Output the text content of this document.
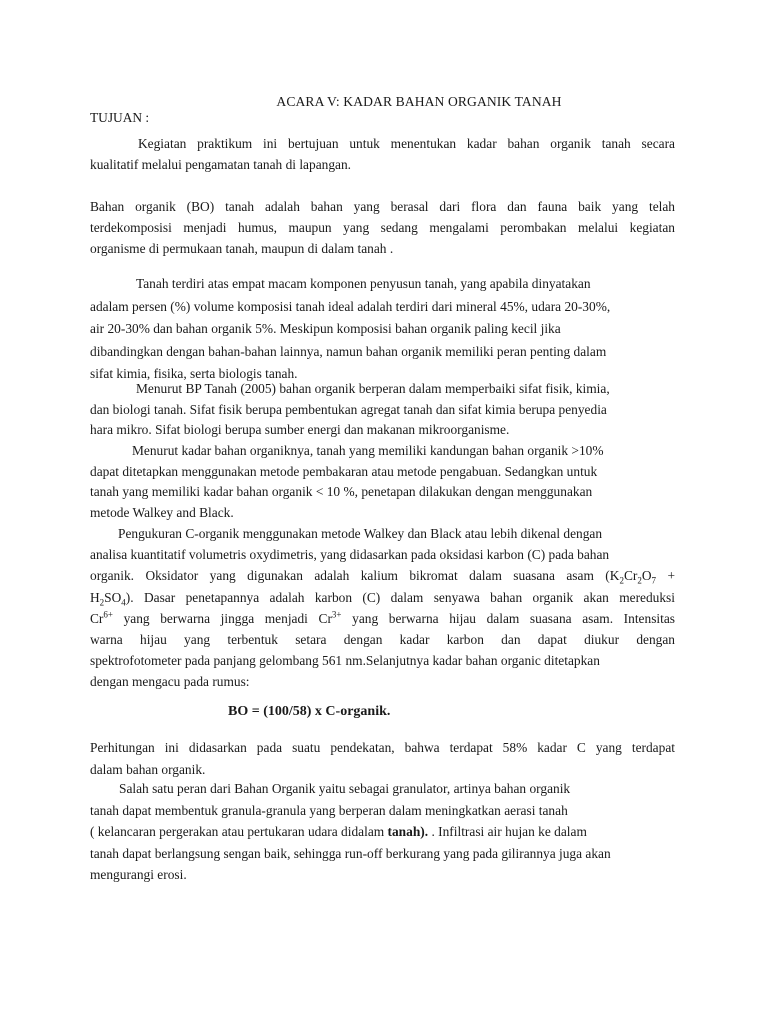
ACARA V: KADAR BAHAN ORGANIK TANAH
TUJUAN :
Kegiatan praktikum ini bertujuan untuk menentukan kadar bahan organik tanah secara
kualitatif melalui pengamatan tanah di lapangan.
Bahan organik (BO) tanah adalah bahan yang berasal dari flora dan fauna baik yang telah
terdekomposisi menjadi humus, maupun yang sedang mengalami perombakan melalui kegiatan
organisme di permukaan tanah, maupun di dalam tanah .
Tanah terdiri atas empat macam komponen penyusun tanah, yang apabila dinyatakan
adalam persen (%) volume komposisi tanah ideal adalah terdiri dari mineral 45%, udara 20-30%,
air 20-30% dan bahan organik 5%. Meskipun komposisi bahan organik paling kecil jika
dibandingkan dengan bahan-bahan lainnya, namun bahan organik memiliki peran penting dalam
sifat kimia, fisika, serta biologis tanah.
Menurut BP Tanah (2005) bahan organik berperan dalam memperbaiki sifat fisik, kimia,
dan biologi tanah. Sifat fisik berupa pembentukan agregat tanah dan sifat kimia berupa penyedia
hara mikro. Sifat biologi berupa sumber energi dan makanan mikroorganisme.
Menurut kadar bahan organiknya, tanah yang memiliki kandungan bahan organik >10%
dapat ditetapkan menggunakan metode pembakaran atau metode pengabuan. Sedangkan untuk
tanah yang memiliki kadar bahan organik < 10 %, penetapan dilakukan dengan menggunakan
metode Walkey and Black.
Pengukuran C-organik menggunakan metode Walkey dan Black atau lebih dikenal dengan
analisa kuantitatif volumetris oxydimetris, yang didasarkan pada oksidasi karbon (C) pada bahan
organik. Oksidator yang digunakan adalah kalium bikromat dalam suasana asam ($K_2Cr_2O_7$ +
$H_2SO_4$). Dasar penetapannya adalah karbon (C) dalam senyawa bahan organik akan mereduksi
$Cr^{6+}$ yang berwarna jingga menjadi $Cr^{3+}$ yang berwarna hijau dalam suasana asam. Intensitas
warna hijau yang terbentuk setara dengan kadar karbon dan dapat diukur dengan
spektrofotometer pada panjang gelombang 561 nm.Selanjutnya kadar bahan organic ditetapkan
dengan mengacu pada rumus:
BO = (100/58) x C-organik.
Perhitungan ini didasarkan pada suatu pendekatan, bahwa terdapat 58% kadar C yang terdapat
dalam bahan organik.
Salah satu peran dari Bahan Organik yaitu sebagai granulator, artinya bahan organik
tanah dapat membentuk granula-granula yang berperan dalam meningkatkan aerasi tanah
( kelancaran pergerakan atau pertukaran udara didalam tanah). . Infiltrasi air hujan ke dalam
tanah dapat berlangsung sengan baik, sehingga run-off berkurang yang pada gilirannya juga akan
mengurangi erosi.
